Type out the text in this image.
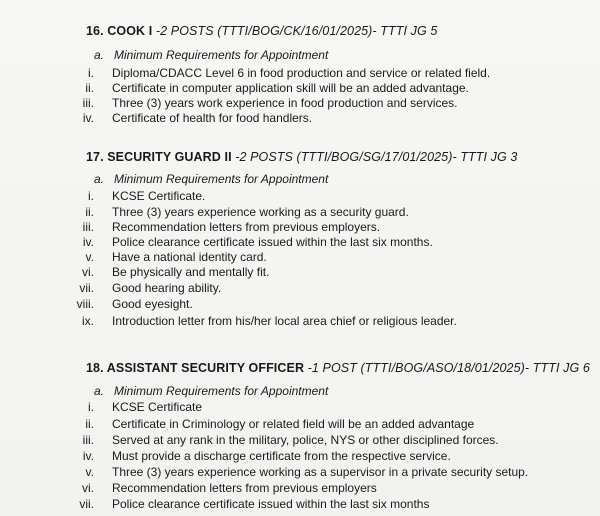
16. COOK I -2 POSTS (TTTI/BOG/CK/16/01/2025)- TTTI JG 5
a. Minimum Requirements for Appointment
i. Diploma/CDACC Level 6 in food production and service or related field.
ii. Certificate in computer application skill will be an added advantage.
iii. Three (3) years work experience in food production and services.
iv. Certificate of health for food handlers.
17. SECURITY GUARD II -2 POSTS (TTTI/BOG/SG/17/01/2025)- TTTI JG 3
a. Minimum Requirements for Appointment
i. KCSE Certificate.
ii. Three (3) years experience working as a security guard.
iii. Recommendation letters from previous employers.
iv. Police clearance certificate issued within the last six months.
v. Have a national identity card.
vi. Be physically and mentally fit.
vii. Good hearing ability.
viii. Good eyesight.
ix. Introduction letter from his/her local area chief or religious leader.
18. ASSISTANT SECURITY OFFICER -1 POST (TTTI/BOG/ASO/18/01/2025)- TTTI JG 6
a. Minimum Requirements for Appointment
i. KCSE Certificate
ii. Certificate in Criminology or related field will be an added advantage
iii. Served at any rank in the military, police, NYS or other disciplined forces.
iv. Must provide a discharge certificate from the respective service.
v. Three (3) years experience working as a supervisor in a private security setup.
vi. Recommendation letters from previous employers
vii. Police clearance certificate issued within the last six months
